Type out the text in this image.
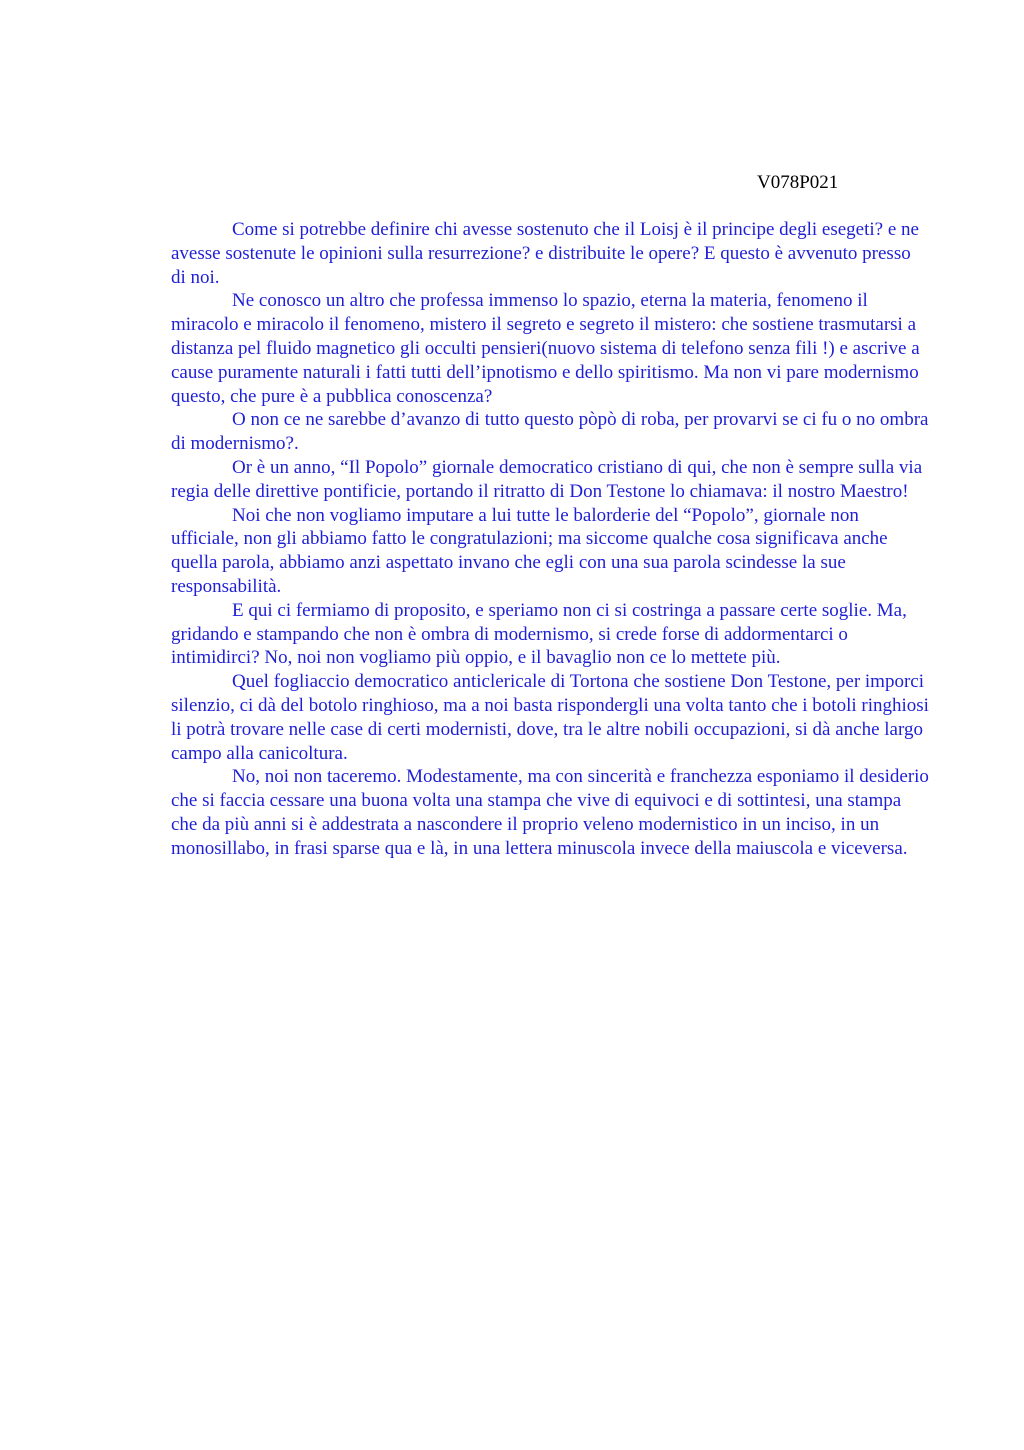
V078P021

Come si potrebbe definire chi avesse sostenuto che il Loisj è il principe degli esegeti? e ne avesse sostenute le opinioni sulla resurrezione? e distribuite le opere? E questo è avvenuto presso di noi.

Ne conosco un altro che professa immenso lo spazio, eterna la materia, fenomeno il miracolo e miracolo il fenomeno, mistero il segreto e segreto il mistero: che sostiene trasmutarsi a distanza pel fluido magnetico gli occulti pensieri(nuovo sistema di telefono senza fili !) e ascrive a cause puramente naturali i fatti tutti dell’ipnotismo e dello spiritismo. Ma non vi pare modernismo questo, che pure è a pubblica conoscenza?

O non ce ne sarebbe d’avanzo di tutto questo pòpò di roba, per provarvi se ci fu o no ombra di modernismo?.

Or è un anno, “Il Popolo” giornale democratico cristiano di qui, che non è sempre sulla via regia delle direttive pontificie, portando il ritratto di Don Testone lo chiamava: il nostro Maestro!

Noi che non vogliamo imputare a lui tutte le balorderie del “Popolo”, giornale non ufficiale, non gli abbiamo fatto le congratulazioni; ma siccome qualche cosa significava anche quella parola, abbiamo anzi aspettato invano che egli con una sua parola scindesse la sue responsabilità.

E qui ci fermiamo di proposito, e speriamo non ci si costringa a passare certe soglie. Ma, gridando e stampando che non è ombra di modernismo, si crede forse di addormentarci o intimidirci? No, noi non vogliamo più oppio, e il bavaglio non ce lo mettete più.

Quel fogliaccio democratico anticlericale di Tortona che sostiene Don Testone, per imporci silenzio, ci dà del botolo ringhioso, ma a noi basta rispondergli una volta tanto che i botoli ringhiosi li potrà trovare nelle case di certi modernisti, dove, tra le altre nobili occupazioni, si dà anche largo campo alla canicoltura.

No, noi non taceremo. Modestamente, ma con sincerità e franchezza esponiamo il desiderio che si faccia cessare una buona volta una stampa che vive di equivoci e di sottintesi, una stampa che da più anni si è addestrata a nascondere il proprio veleno modernistico in un inciso, in un monosillabo, in frasi sparse qua e là, in una lettera minuscola invece della maiuscola e viceversa.
